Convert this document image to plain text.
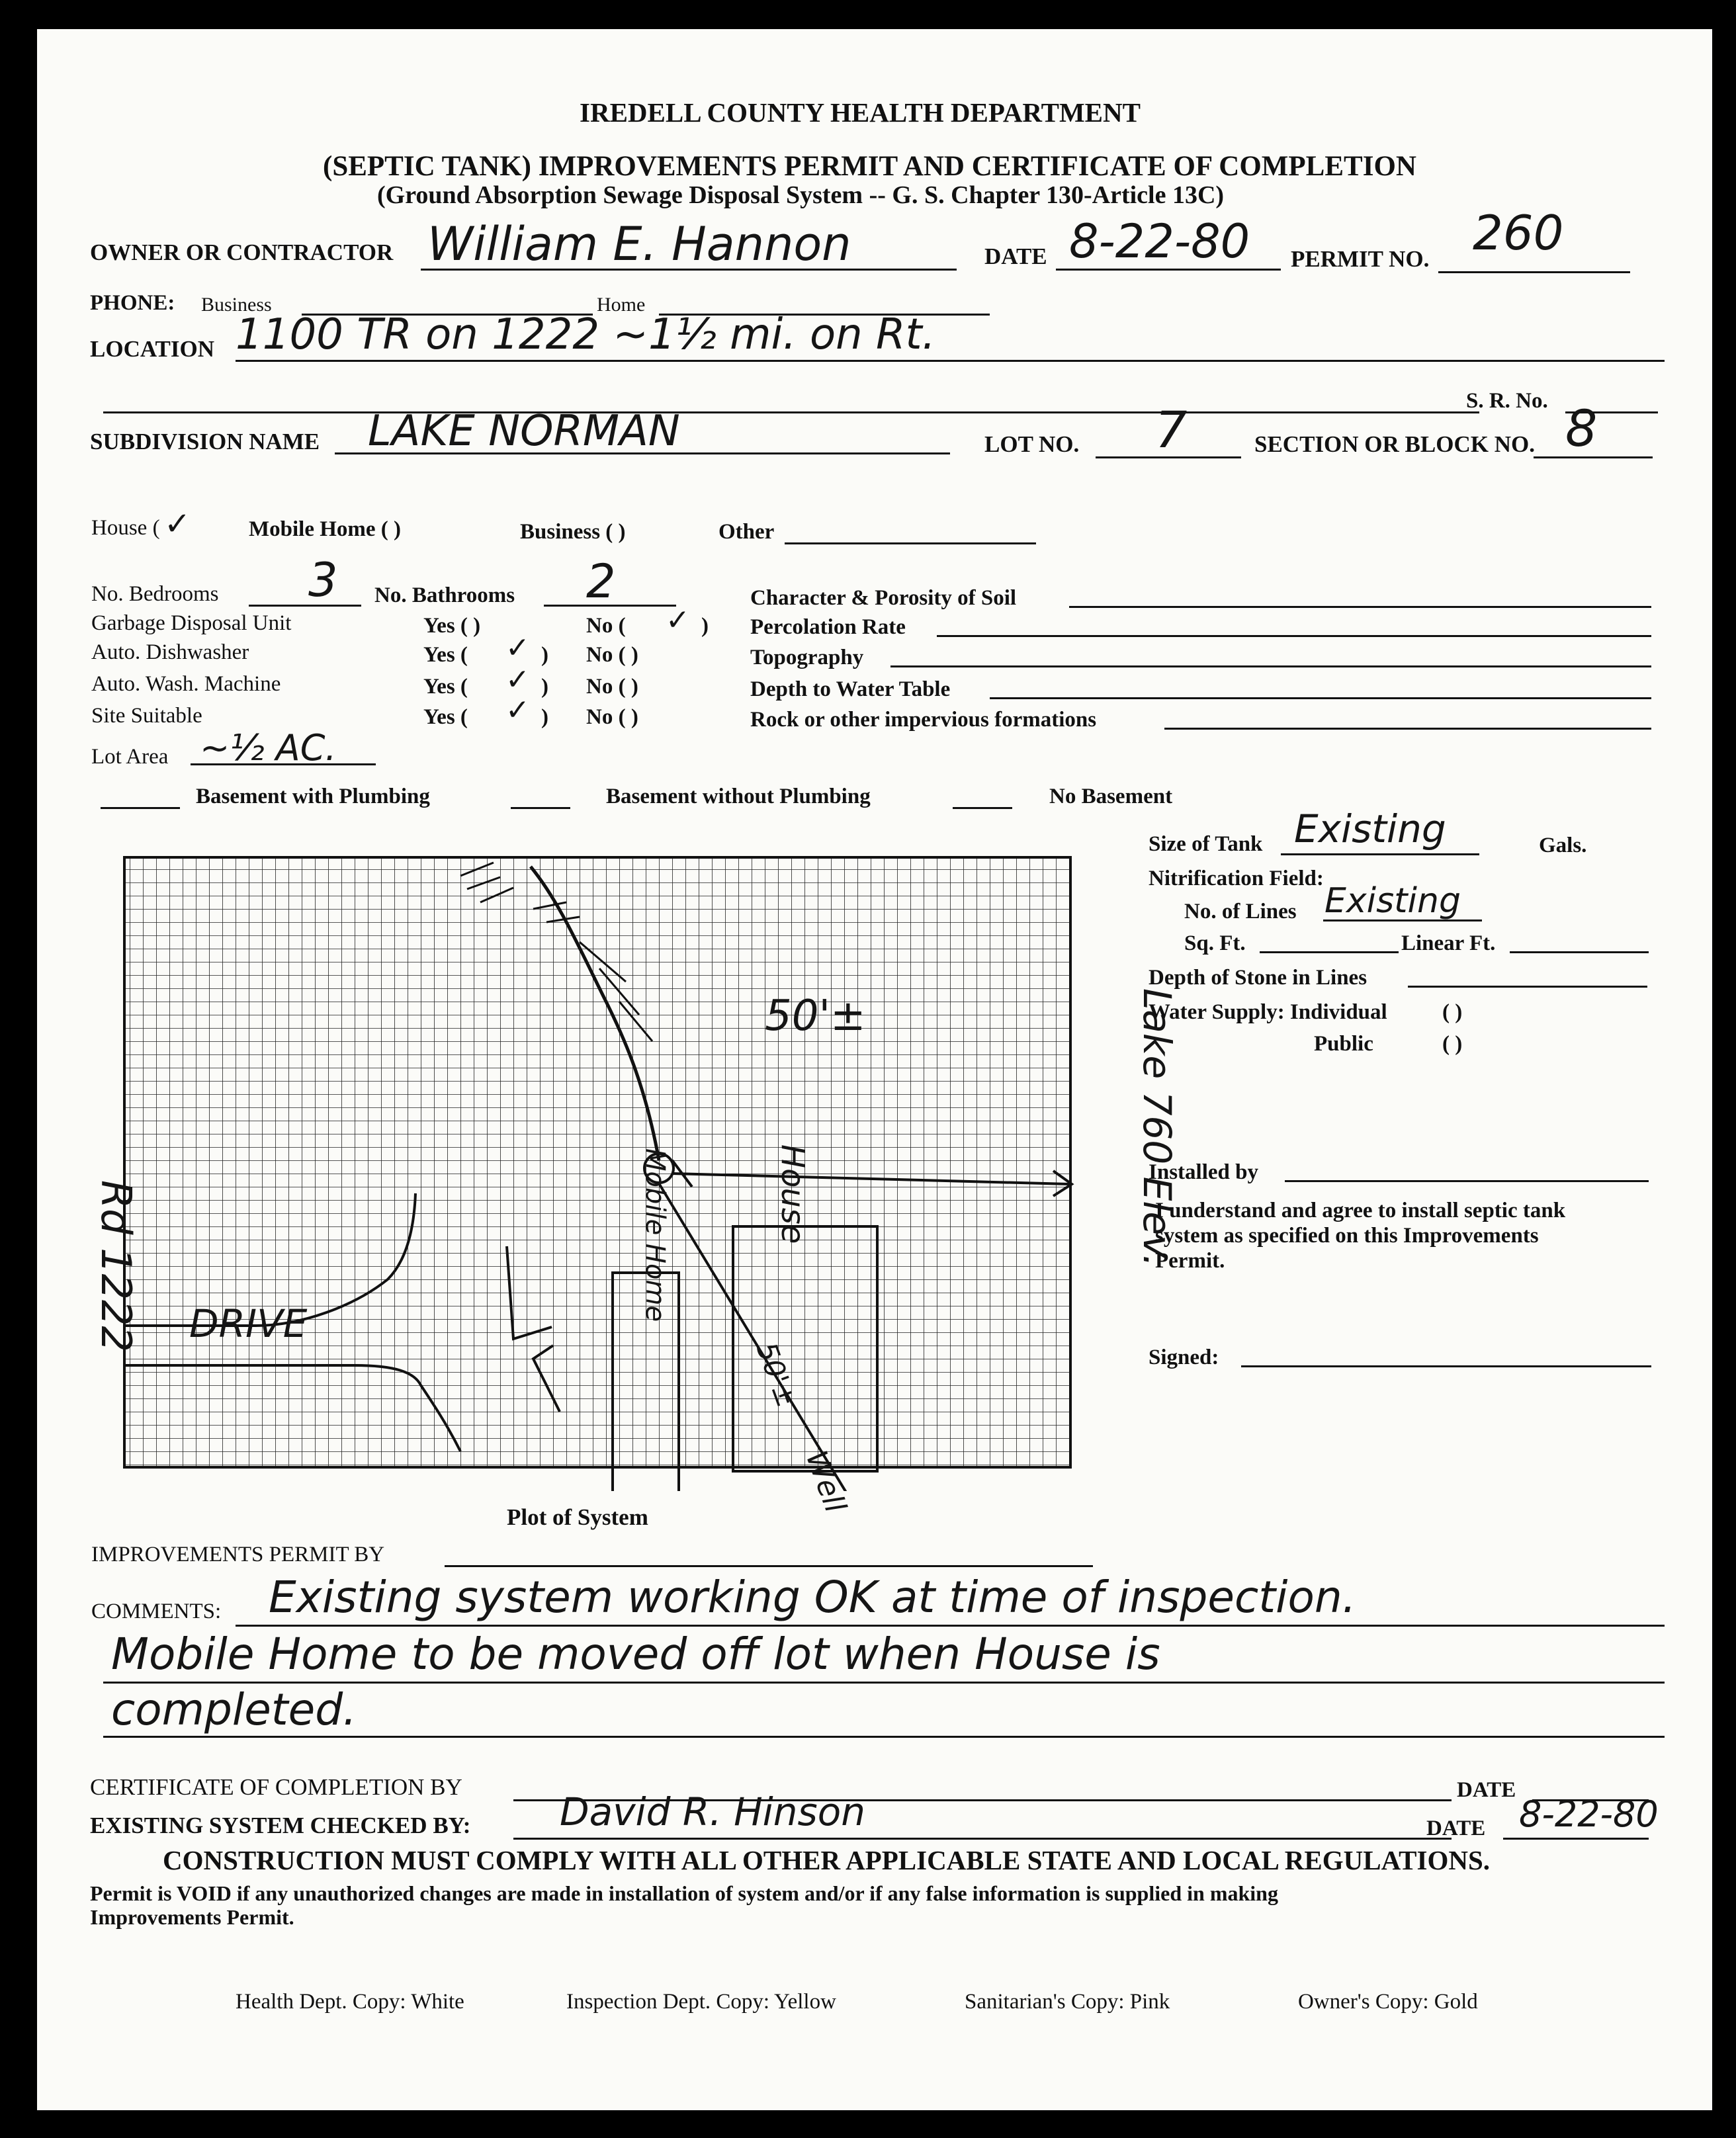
IREDELL COUNTY HEALTH DEPARTMENT
(SEPTIC TANK) IMPROVEMENTS PERMIT AND CERTIFICATE OF COMPLETION
(Ground Absorption Sewage Disposal System -- G. S. Chapter 130-Article 13C)
OWNER OR CONTRACTOR William E. Hannon	DATE 8-22-80 PERMIT NO. 260
PHONE: Business	Home
LOCATION 1100 TR on 1222 ~1½ mi. on Rt.
S. R. No.
SUBDIVISION NAME LAKE NORMAN	LOT NO. 7	SECTION OR BLOCK NO. 8
House ( ✓	Mobile Home ( )	Business ( )	Other
No. Bedrooms 3 No. Bathrooms 2
Garbage Disposal Unit	Yes ( )	No ( ✓ )
Auto. Dishwasher	Yes ( ✓ ) No ( )
Auto. Wash. Machine	Yes ( ✓ ) No ( )
Site Suitable	Yes ( ✓ ) No ( )
Character & Porosity of Soil
Percolation Rate
Topography
Depth to Water Table
Rock or other impervious formations
Lot Area ~½ AC.
Basement with Plumbing	Basement without Plumbing	No Basement
Rd 1222 DRIVE
Lake 760 Elev.
Mobile Home	House
50'±
50'±
Well
Plot of System
Size of Tank Existing	Gals.
Nitrification Field:
No. of Lines Existing
Sq. Ft.	Linear Ft.
Depth of Stone in Lines
Water Supply: Individual	( )
Public	( )
Installed by
I understand and agree to install septic tank
system as specified on this Improvements
Permit.
Signed:
IMPROVEMENTS PERMIT BY
COMMENTS: Existing system working OK at time of inspection.
Mobile Home to be moved off lot when House is
completed.
CERTIFICATE OF COMPLETION BY	DATE
EXISTING SYSTEM CHECKED BY: David R. Hinson	DATE 8-22-80
CONSTRUCTION MUST COMPLY WITH ALL OTHER APPLICABLE STATE AND LOCAL REGULATIONS.
Permit is VOID if any unauthorized changes are made in installation of system and/or if any false information is supplied in making
Improvements Permit.
Health Dept. Copy: White	Inspection Dept. Copy: Yellow	Sanitarian's Copy: Pink	Owner's Copy: Gold
